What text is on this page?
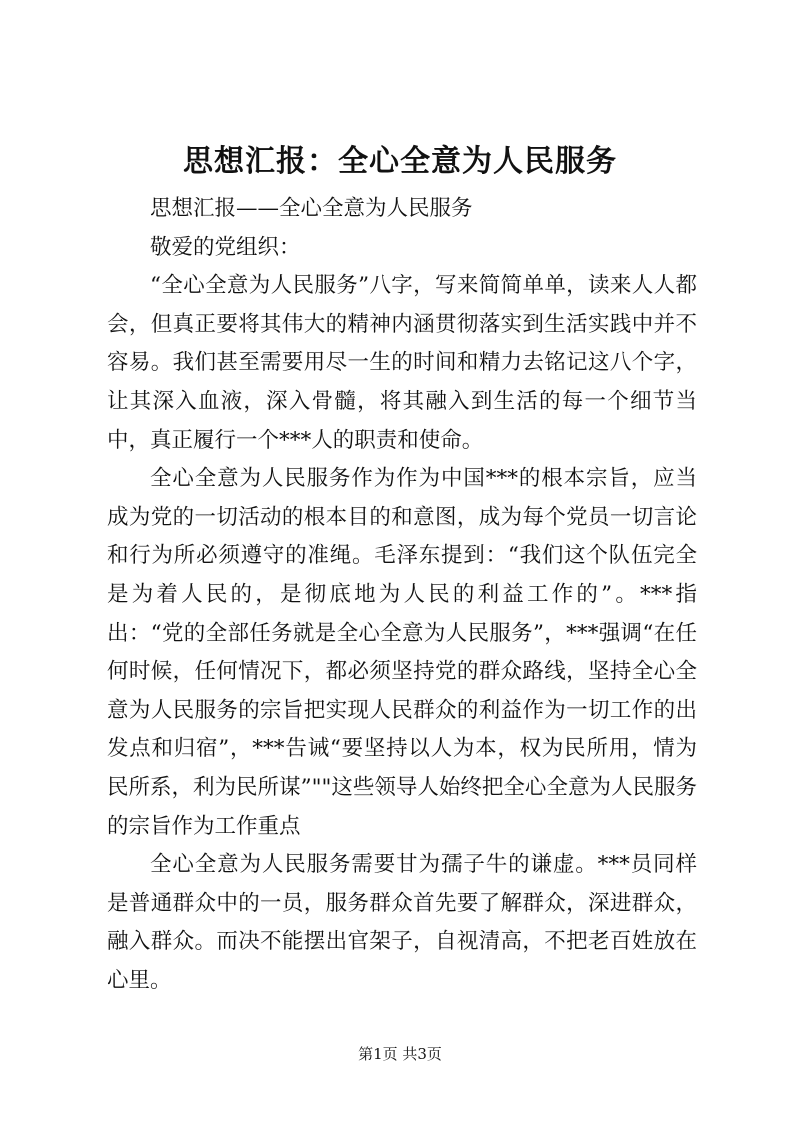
思想汇报：全心全意为人民服务

思想汇报——全心全意为人民服务

敬爱的党组织：

“全心全意为人民服务”八字，写来简简单单，读来人人都会，但真正要将其伟大的精神内涵贯彻落实到生活实践中并不容易。我们甚至需要用尽一生的时间和精力去铭记这八个字，让其深入血液，深入骨髓，将其融入到生活的每一个细节当中，真正履行一个***人的职责和使命。

全心全意为人民服务作为作为中国***的根本宗旨，应当成为党的一切活动的根本目的和意图，成为每个党员一切言论和行为所必须遵守的准绳。毛泽东提到：“我们这个队伍完全是为着人民的，是彻底地为人民的利益工作的”。***指出：“党的全部任务就是全心全意为人民服务”，***强调“在任何时候，任何情况下，都必须坚持党的群众路线，坚持全心全意为人民服务的宗旨把实现人民群众的利益作为一切工作的出发点和归宿”，***告诫“要坚持以人为本，权为民所用，情为民所系，利为民所谋”""这些领导人始终把全心全意为人民服务的宗旨作为工作重点

全心全意为人民服务需要甘为孺子牛的谦虚。***员同样是普通群众中的一员，服务群众首先要了解群众，深进群众，融入群众。而决不能摆出官架子，自视清高，不把老百姓放在心里。

第1页 共3页
